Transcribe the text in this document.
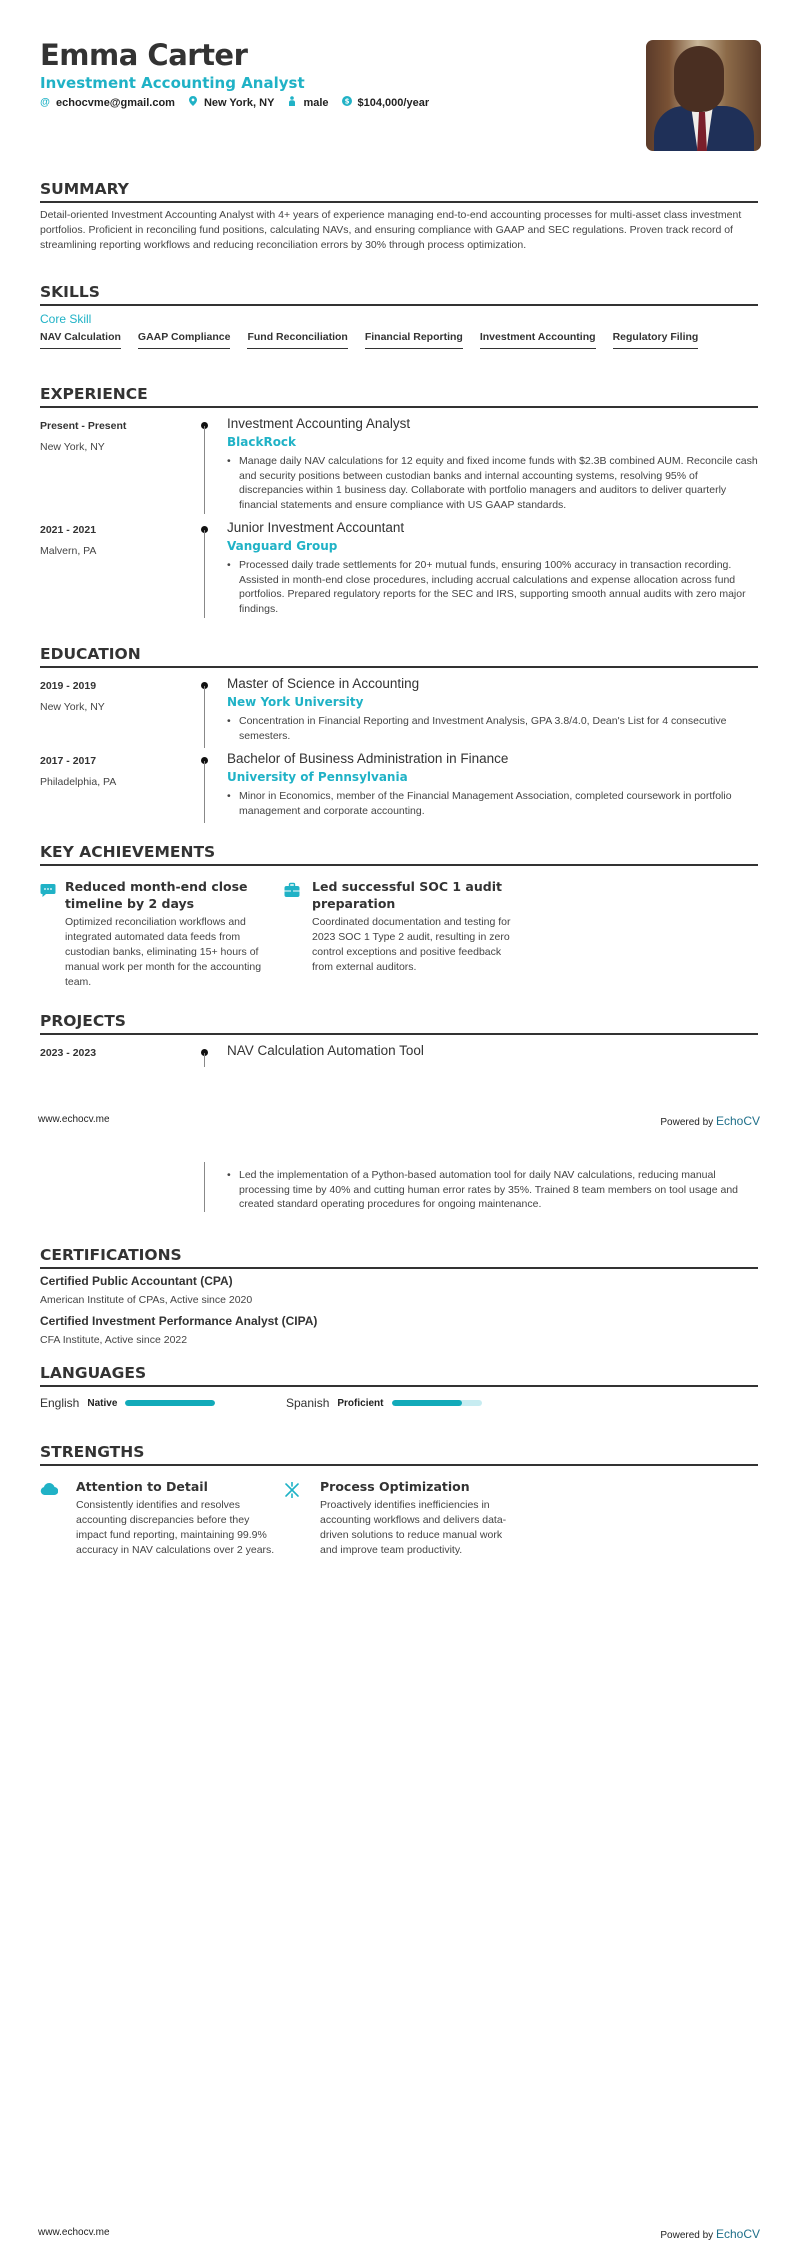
Emma Carter
Investment Accounting Analyst
@ echocvme@gmail.com	New York, NY	male $ $104,000/year
SUMMARY
Detail-oriented Investment Accounting Analyst with 4+ years of experience managing end-to-end accounting processes for multi-asset class investment portfolios. Proficient in reconciling fund positions, calculating NAVs, and ensuring compliance with GAAP and SEC regulations. Proven track record of streamlining reporting workflows and reducing reconciliation errors by 30% through process optimization.
SKILLS
Core Skill
NAV Calculation GAAP Compliance Fund Reconciliation Financial Reporting Investment Accounting Regulatory Filing
EXPERIENCE
Present - Present
New York, NY
Investment Accounting Analyst
BlackRock
• Manage daily NAV calculations for 12 equity and fixed income funds with $2.3B combined AUM. Reconcile cash and security positions between custodian banks and internal accounting systems, resolving 95% of discrepancies within 1 business day. Collaborate with portfolio managers and auditors to deliver quarterly financial statements and ensure compliance with US GAAP standards.
2021 - 2021
Malvern, PA
Junior Investment Accountant
Vanguard Group
• Processed daily trade settlements for 20+ mutual funds, ensuring 100% accuracy in transaction recording. Assisted in month-end close procedures, including accrual calculations and expense allocation across fund portfolios. Prepared regulatory reports for the SEC and IRS, supporting smooth annual audits with zero major findings.
EDUCATION
2019 - 2019
New York, NY
Master of Science in Accounting
New York University
• Concentration in Financial Reporting and Investment Analysis, GPA 3.8/4.0, Dean's List for 4 consecutive semesters.
2017 - 2017
Philadelphia, PA
Bachelor of Business Administration in Finance
University of Pennsylvania
• Minor in Economics, member of the Financial Management Association, completed coursework in portfolio management and corporate accounting.
KEY ACHIEVEMENTS
Reduced month-end close timeline by 2 days
Optimized reconciliation workflows and integrated automated data feeds from custodian banks, eliminating 15+ hours of manual work per month for the accounting team.
Led successful SOC 1 audit preparation
Coordinated documentation and testing for 2023 SOC 1 Type 2 audit, resulting in zero control exceptions and positive feedback from external auditors.
PROJECTS
2023 - 2023	NAV Calculation Automation Tool
www.echocv.me	Powered by EchoCV
• Led the implementation of a Python-based automation tool for daily NAV calculations, reducing manual processing time by 40% and cutting human error rates by 35%. Trained 8 team members on tool usage and created standard operating procedures for ongoing maintenance.
CERTIFICATIONS
Certified Public Accountant (CPA)
American Institute of CPAs, Active since 2020
Certified Investment Performance Analyst (CIPA)
CFA Institute, Active since 2022
LANGUAGES
English Native	Spanish Proficient
STRENGTHS
Attention to Detail
Consistently identifies and resolves accounting discrepancies before they impact fund reporting, maintaining 99.9% accuracy in NAV calculations over 2 years.
Process Optimization
Proactively identifies inefficiencies in accounting workflows and delivers data-driven solutions to reduce manual work and improve team productivity.
www.echocv.me	Powered by EchoCV
